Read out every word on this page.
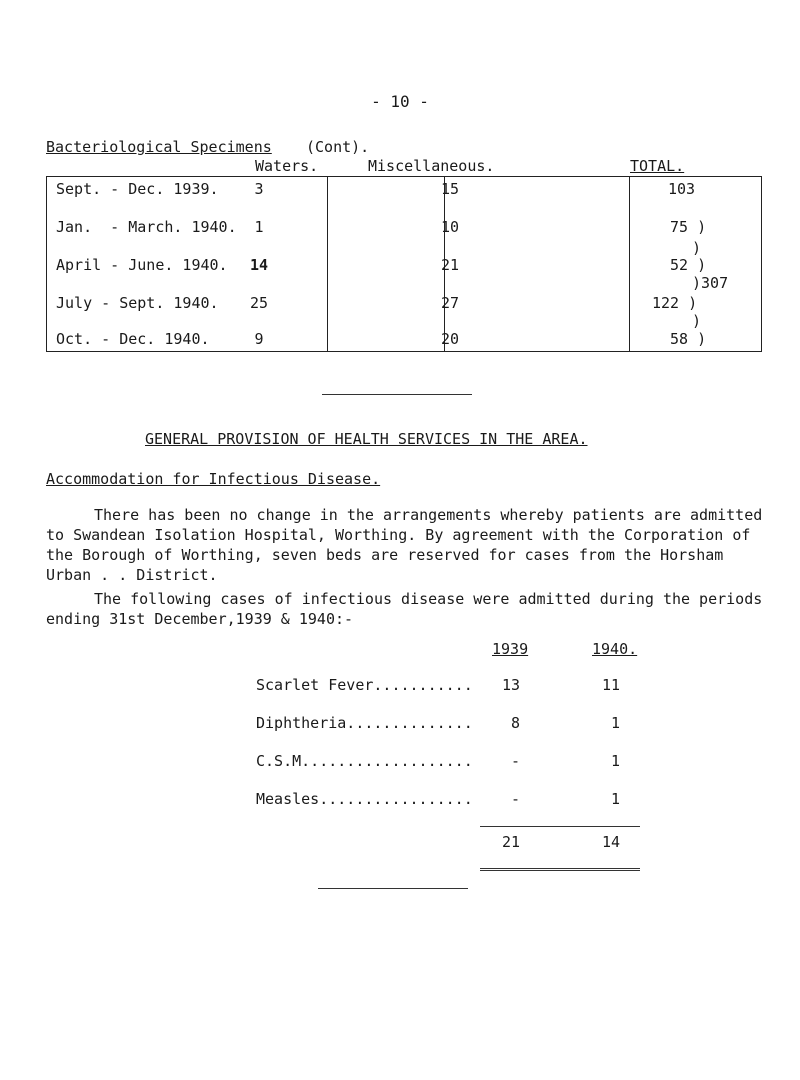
- 10 -
Bacteriological Specimens (Cont).
Waters.	Miscellaneous.	TOTAL.
Sept. - Dec. 1939.	3	15	103
Jan.  - March. 1940.	1	10	75 )
)
April - June. 1940.	14	21	52 )
)307
July - Sept. 1940.	25	27	122 )
)
Oct. - Dec. 1940.	9	20	58 )
GENERAL PROVISION OF HEALTH SERVICES IN THE AREA.
Accommodation for Infectious Disease.

There has been no change in the arrangements whereby patients are admitted to Swandean Isolation Hospital, Worthing. By agreement with the Corporation of the Borough of Worthing, seven beds are reserved for cases from the Horsham Urban . . District.

The following cases of infectious disease were admitted during the periods ending 31st December,1939 & 1940:-

1939	1940.
Scarlet Fever...........	13	11
Diphtheria..............	8	1
C.S.M...................	-	1
Measles.................	-	1
21	14
